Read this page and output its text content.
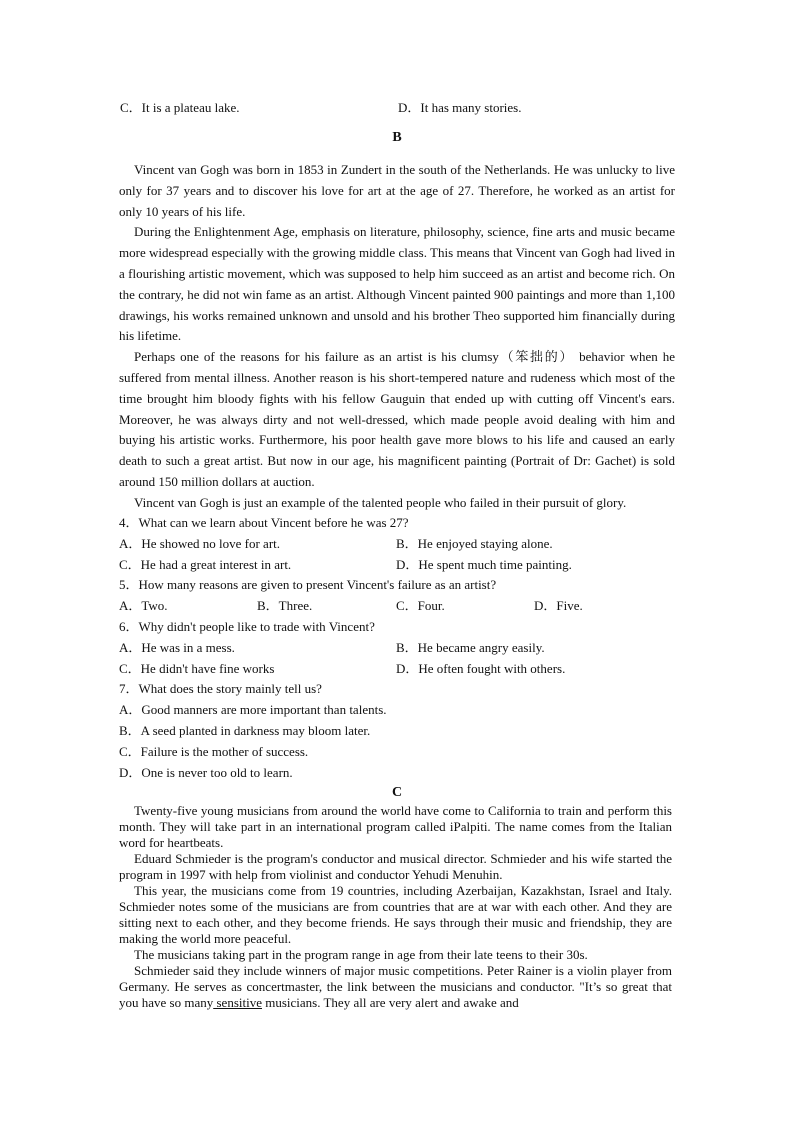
C．It is a plateau lake.	D．It has many stories.
B

Vincent van Gogh was born in 1853 in Zundert in the south of the Netherlands. He was unlucky to live only for 37 years and to discover his love for art at the age of 27. Therefore, he worked as an artist for only 10 years of his life.

During the Enlightenment Age, emphasis on literature, philosophy, science, fine arts and music became more widespread especially with the growing middle class. This means that Vincent van Gogh had lived in a flourishing artistic movement, which was supposed to help him succeed as an artist and become rich. On the contrary, he did not win fame as an artist. Although Vincent painted 900 paintings and more than 1,100 drawings, his works remained unknown and unsold and his brother Theo supported him financially during his lifetime.

Perhaps one of the reasons for his failure as an artist is his clumsy（笨拙的） behavior when he suffered from mental illness. Another reason is his short-tempered nature and rudeness which most of the time brought him bloody fights with his fellow Gauguin that ended up with cutting off Vincent's ears. Moreover, he was always dirty and not well-dressed, which made people avoid dealing with him and buying his artistic works. Furthermore, his poor health gave more blows to his life and caused an early death to such a great artist. But now in our age, his magnificent painting (Portrait of Dr: Gachet) is sold around 150 million dollars at auction.

Vincent van Gogh is just an example of the talented people who failed in their pursuit of glory.

4．What can we learn about Vincent before he was 27?
A．He showed no love for art.	B．He enjoyed staying alone.
C．He had a great interest in art.	D．He spent much time painting.
5．How many reasons are given to present Vincent's failure as an artist?
A．Two.	B．Three.	C．Four.	D．Five.
6．Why didn't people like to trade with Vincent?
A．He was in a mess.	B．He became angry easily.
C．He didn't have fine works	D．He often fought with others.
7．What does the story mainly tell us?
A．Good manners are more important than talents.
B．A seed planted in darkness may bloom later.
C．Failure is the mother of success.
D．One is never too old to learn.
C

Twenty-five young musicians from around the world have come to California to train and perform this month. They will take part in an international program called iPalpiti. The name comes from the Italian word for heartbeats.

Eduard Schmieder is the program's conductor and musical director. Schmieder and his wife started the program in 1997 with help from violinist and conductor Yehudi Menuhin.

This year, the musicians come from 19 countries, including Azerbaijan, Kazakhstan, Israel and Italy. Schmieder notes some of the musicians are from countries that are at war with each other. And they are sitting next to each other, and they become friends. He says through their music and friendship, they are making the world more peaceful.

The musicians taking part in the program range in age from their late teens to their 30s.

Schmieder said they include winners of major music competitions. Peter Rainer is a violin player from Germany. He serves as concertmaster, the link between the musicians and conductor. "It’s so great that you have so many sensitive musicians. They all are very alert and awake and
